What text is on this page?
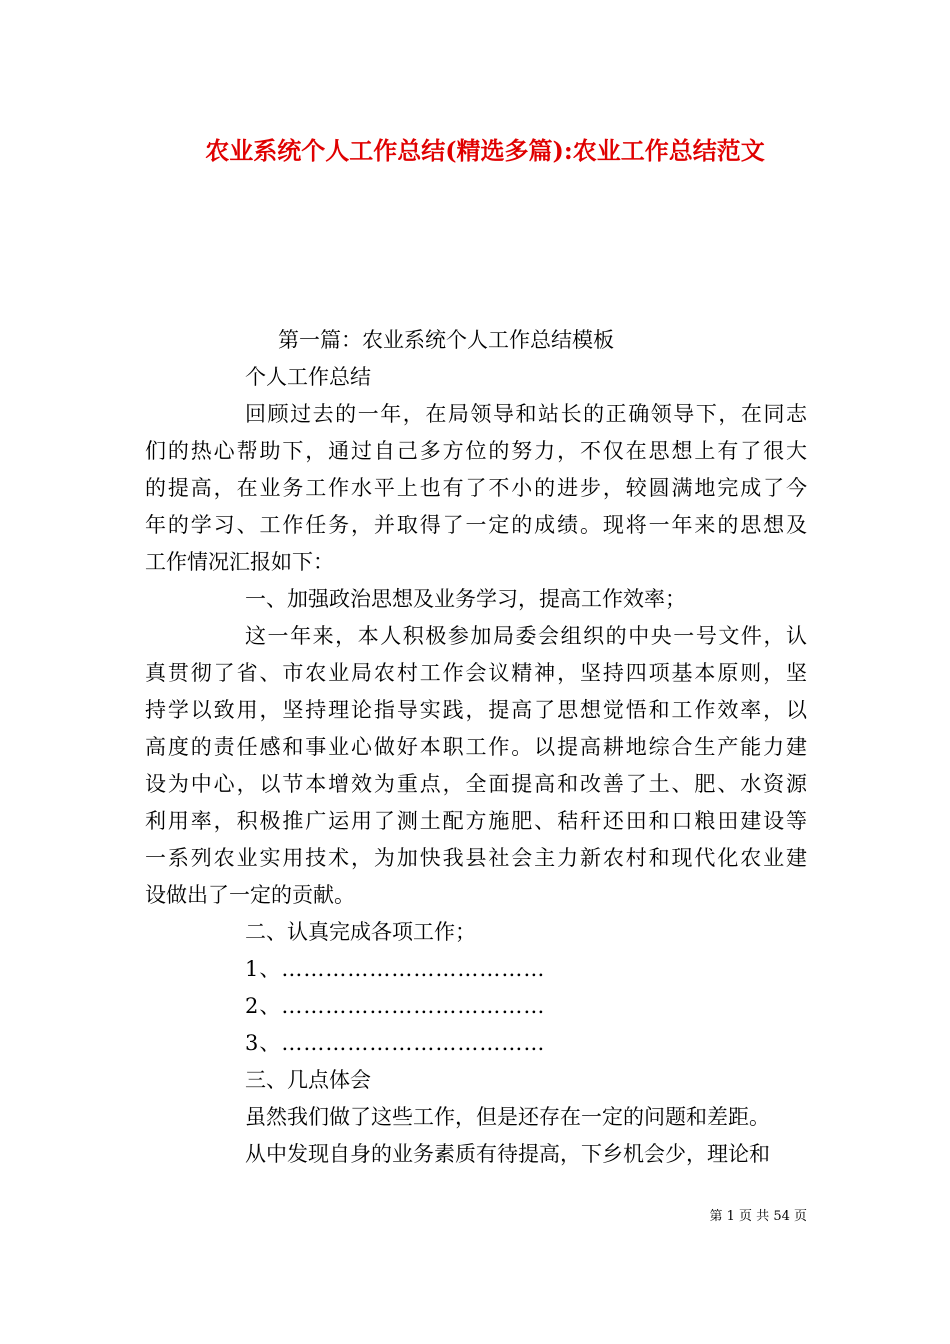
农业系统个人工作总结(精选多篇):农业工作总结范文
第一篇：农业系统个人工作总结模板
个人工作总结
回顾过去的一年，在局领导和站长的正确领导下，在同志
们的热心帮助下，通过自己多方位的努力，不仅在思想上有了很大
的提高，在业务工作水平上也有了不小的进步，较圆满地完成了今
年的学习、工作任务，并取得了一定的成绩。现将一年来的思想及
工作情况汇报如下：
一、加强政治思想及业务学习，提高工作效率；
这一年来，本人积极参加局委会组织的中央一号文件，认
真贯彻了省、市农业局农村工作会议精神，坚持四项基本原则，坚
持学以致用，坚持理论指导实践，提高了思想觉悟和工作效率，以
高度的责任感和事业心做好本职工作。以提高耕地综合生产能力建
设为中心，以节本增效为重点，全面提高和改善了土、肥、水资源
利用率，积极推广运用了测土配方施肥、秸秆还田和口粮田建设等
一系列农业实用技术，为加快我县社会主力新农村和现代化农业建
设做出了一定的贡献。
二、认真完成各项工作；
1、………………………………
2、………………………………
3、………………………………
三、几点体会
虽然我们做了这些工作，但是还存在一定的问题和差距。
从中发现自身的业务素质有待提高，下乡机会少，理论和
第 1 页 共 54 页
